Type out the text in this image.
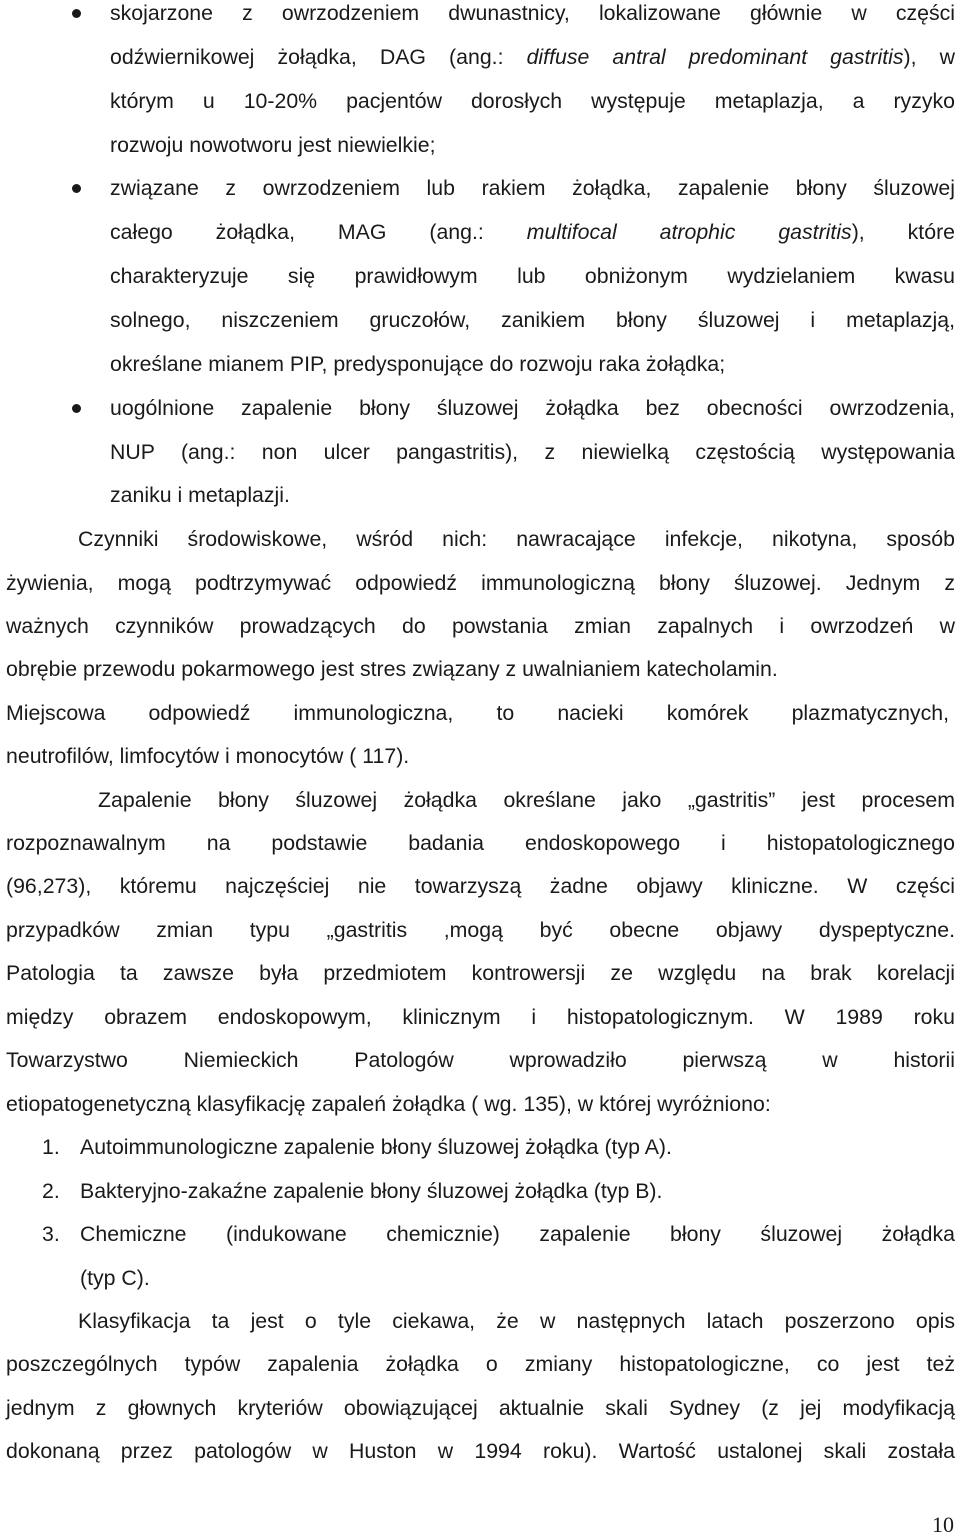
skojarzone z owrzodzeniem dwunastnicy, lokalizowane głównie w części
odźwiernikowej żołądka, DAG (ang.: diffuse antral predominant gastritis), w
którym u 10-20% pacjentów dorosłych występuje metaplazja, a ryzyko
rozwoju nowotworu jest niewielkie;
związane z owrzodzeniem lub rakiem żołądka, zapalenie błony śluzowej
całego żołądka, MAG (ang.: multifocal atrophic gastritis), które
charakteryzuje się prawidłowym lub obniżonym wydzielaniem kwasu
solnego, niszczeniem gruczołów, zanikiem błony śluzowej i metaplazją,
określane mianem PIP, predysponujące do rozwoju raka żołądka;
uogólnione zapalenie błony śluzowej żołądka bez obecności owrzodzenia,
NUP (ang.: non ulcer pangastritis), z niewielką częstością występowania
zaniku i metaplazji.
Czynniki środowiskowe, wśród nich: nawracające infekcje, nikotyna, sposób
żywienia, mogą podtrzymywać odpowiedź immunologiczną błony śluzowej. Jednym z
ważnych czynników prowadzących do powstania zmian zapalnych i owrzodzeń w
obrębie przewodu pokarmowego jest stres związany z uwalnianiem katecholamin.
Miejscowa odpowiedź immunologiczna, to nacieki komórek plazmatycznych,
neutrofilów, limfocytów i monocytów ( 117).
Zapalenie błony śluzowej żołądka określane jako „gastritis” jest procesem
rozpoznawalnym na podstawie badania endoskopowego i histopatologicznego
(96,273), któremu najczęściej nie towarzyszą żadne objawy kliniczne. W części
przypadków zmian typu „gastritis ,mogą być obecne objawy dyspeptyczne.
Patologia ta zawsze była przedmiotem kontrowersji ze względu na brak korelacji
między obrazem endoskopowym, klinicznym i histopatologicznym. W 1989 roku
Towarzystwo Niemieckich Patologów wprowadziło pierwszą w historii
etiopatogenetyczną klasyfikację zapaleń żołądka ( wg. 135), w której wyróżniono:
1. Autoimmunologiczne zapalenie błony śluzowej żołądka (typ A).
2. Bakteryjno-zakaźne zapalenie błony śluzowej żołądka (typ B).
3. Chemiczne (indukowane chemicznie) zapalenie błony śluzowej żołądka
(typ C).
Klasyfikacja ta jest o tyle ciekawa, że w następnych latach poszerzono opis
poszczególnych typów zapalenia żołądka o zmiany histopatologiczne, co jest też
jednym z głownych kryteriów obowiązującej aktualnie skali Sydney (z jej modyfikacją
dokonaną przez patologów w Huston w 1994 roku). Wartość ustalonej skali została
10
